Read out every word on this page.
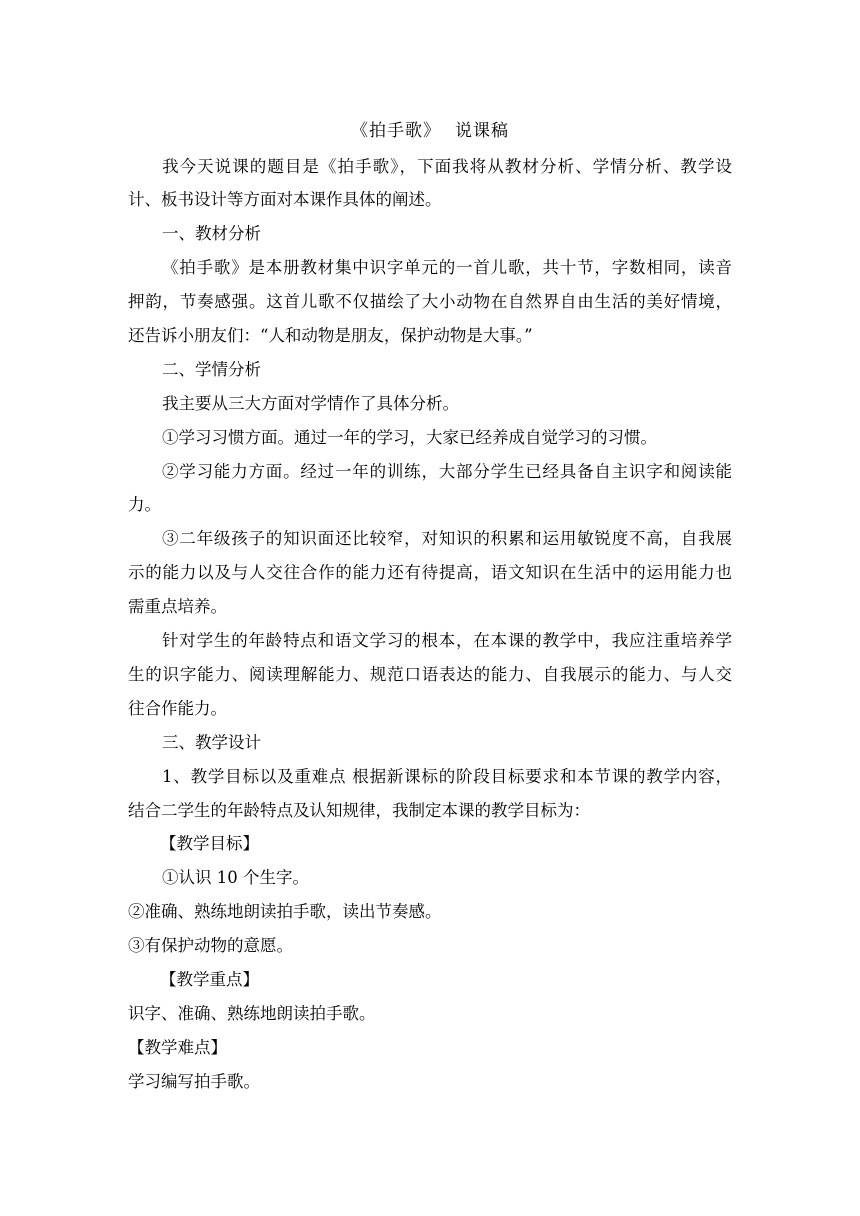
《拍手歌》 说课稿
我今天说课的题目是《拍手歌》，下面我将从教材分析、学情分析、教学设
计、板书设计等方面对本课作具体的阐述。
一、教材分析
《拍手歌》是本册教材集中识字单元的一首儿歌，共十节，字数相同，读音
押韵，节奏感强。这首儿歌不仅描绘了大小动物在自然界自由生活的美好情境，
还告诉小朋友们：“人和动物是朋友，保护动物是大事。”
二、学情分析
我主要从三大方面对学情作了具体分析。
①学习习惯方面。通过一年的学习，大家已经养成自觉学习的习惯。
②学习能力方面。经过一年的训练，大部分学生已经具备自主识字和阅读能
力。
③二年级孩子的知识面还比较窄，对知识的积累和运用敏锐度不高，自我展
示的能力以及与人交往合作的能力还有待提高，语文知识在生活中的运用能力也
需重点培养。
针对学生的年龄特点和语文学习的根本，在本课的教学中，我应注重培养学
生的识字能力、阅读理解能力、规范口语表达的能力、自我展示的能力、与人交
往合作能力。
三、教学设计
1、教学目标以及重难点 根据新课标的阶段目标要求和本节课的教学内容，
结合二学生的年龄特点及认知规律，我制定本课的教学目标为：
【教学目标】
①认识 10 个生字。
②准确、熟练地朗读拍手歌，读出节奏感。
③有保护动物的意愿。
【教学重点】
识字、准确、熟练地朗读拍手歌。
【教学难点】
学习编写拍手歌。
